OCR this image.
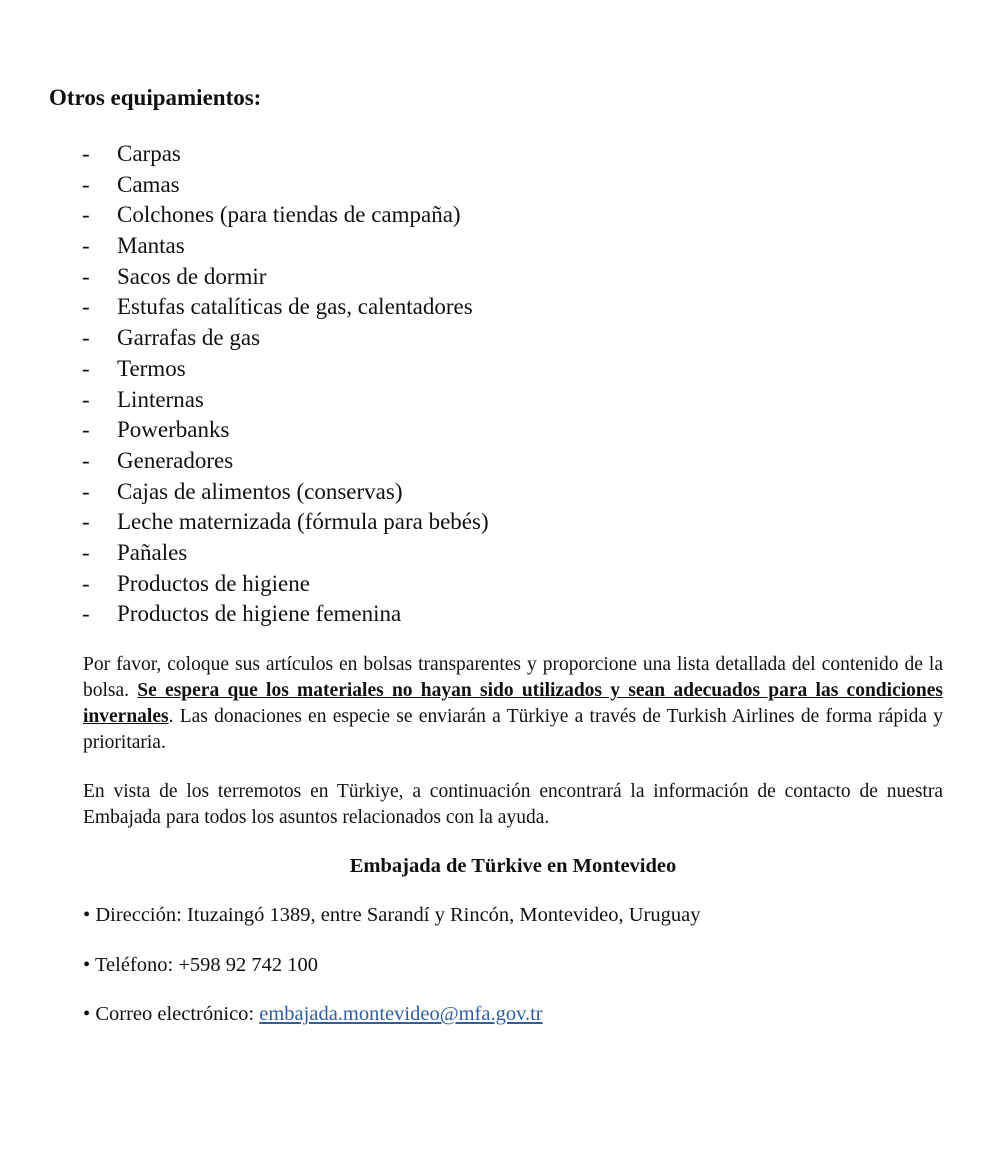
Otros equipamientos:
- Carpas
- Camas
- Colchones (para tiendas de campaña)
- Mantas
- Sacos de dormir
- Estufas catalíticas de gas, calentadores
- Garrafas de gas
- Termos
- Linternas
- Powerbanks
- Generadores
- Cajas de alimentos (conservas)
- Leche maternizada (fórmula para bebés)
- Pañales
- Productos de higiene
- Productos de higiene femenina

Por favor, coloque sus artículos en bolsas transparentes y proporcione una lista detallada del contenido de la bolsa. Se espera que los materiales no hayan sido utilizados y sean adecuados para las condiciones invernales. Las donaciones en especie se enviarán a Türkiye a través de Turkish Airlines de forma rápida y prioritaria.

En vista de los terremotos en Türkiye, a continuación encontrará la información de contacto de nuestra Embajada para todos los asuntos relacionados con la ayuda.

Embajada de Türkive en Montevideo

• Dirección: Ituzaingó 1389, entre Sarandí y Rincón, Montevideo, Uruguay

• Teléfono: +598 92 742 100

• Correo electrónico: embajada.montevideo@mfa.gov.tr
